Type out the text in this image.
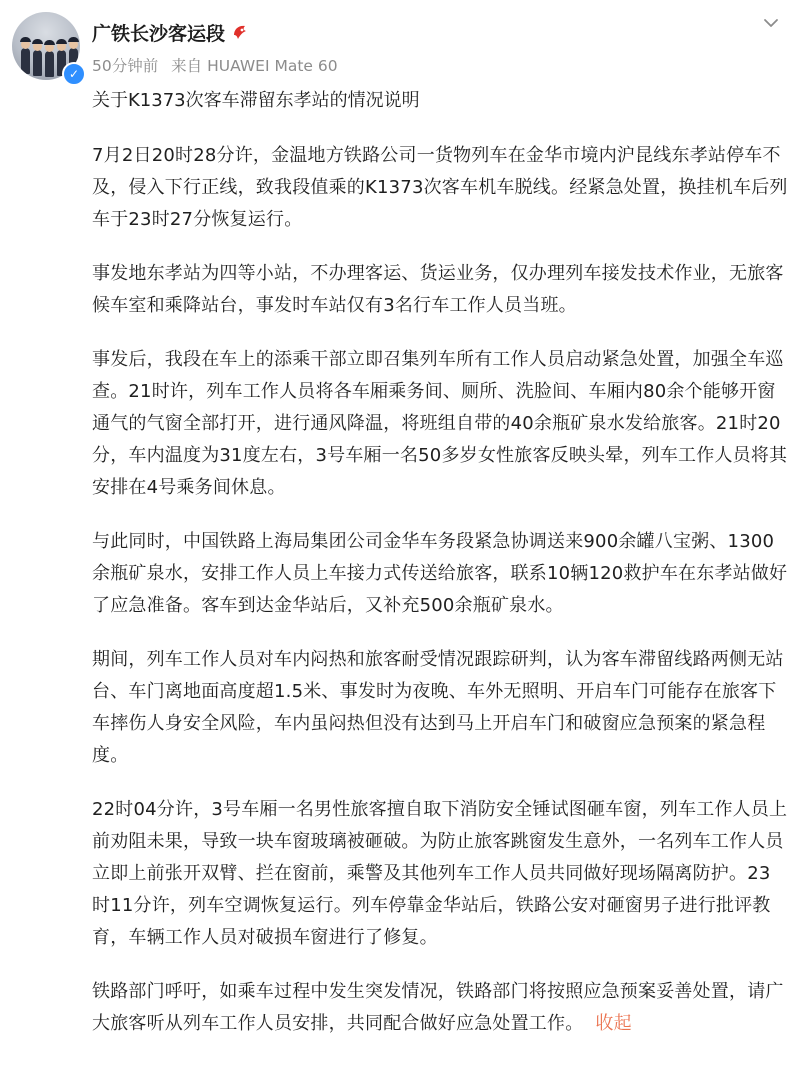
✓
广铁长沙客运段
50分钟前 来自 HUAWEI Mate 60
关于K1373次客车滞留东孝站的情况说明

7月2日20时28分许，金温地方铁路公司一货物列车在金华市境内沪昆线东孝站停车不及，侵入下行正线，致我段值乘的K1373次客车机车脱线。经紧急处置，换挂机车后列车于23时27分恢复运行。

事发地东孝站为四等小站，不办理客运、货运业务，仅办理列车接发技术作业，无旅客候车室和乘降站台，事发时车站仅有3名行车工作人员当班。

事发后，我段在车上的添乘干部立即召集列车所有工作人员启动紧急处置，加强全车巡查。21时许，列车工作人员将各车厢乘务间、厕所、洗脸间、车厢内80余个能够开窗通气的气窗全部打开，进行通风降温，将班组自带的40余瓶矿泉水发给旅客。21时20分，车内温度为31度左右，3号车厢一名50多岁女性旅客反映头晕，列车工作人员将其安排在4号乘务间休息。

与此同时，中国铁路上海局集团公司金华车务段紧急协调送来900余罐八宝粥、1300余瓶矿泉水，安排工作人员上车接力式传送给旅客，联系10辆120救护车在东孝站做好了应急准备。客车到达金华站后，又补充500余瓶矿泉水。

期间，列车工作人员对车内闷热和旅客耐受情况跟踪研判，认为客车滞留线路两侧无站台、车门离地面高度超1.5米、事发时为夜晚、车外无照明、开启车门可能存在旅客下车摔伤人身安全风险，车内虽闷热但没有达到马上开启车门和破窗应急预案的紧急程度。

22时04分许，3号车厢一名男性旅客擅自取下消防安全锤试图砸车窗，列车工作人员上前劝阻未果，导致一块车窗玻璃被砸破。为防止旅客跳窗发生意外，一名列车工作人员立即上前张开双臂、拦在窗前，乘警及其他列车工作人员共同做好现场隔离防护。23时11分许，列车空调恢复运行。列车停靠金华站后，铁路公安对砸窗男子进行批评教育，车辆工作人员对破损车窗进行了修复。

铁路部门呼吁，如乘车过程中发生突发情况，铁路部门将按照应急预案妥善处置，请广大旅客听从列车工作人员安排，共同配合做好应急处置工作。 收起
